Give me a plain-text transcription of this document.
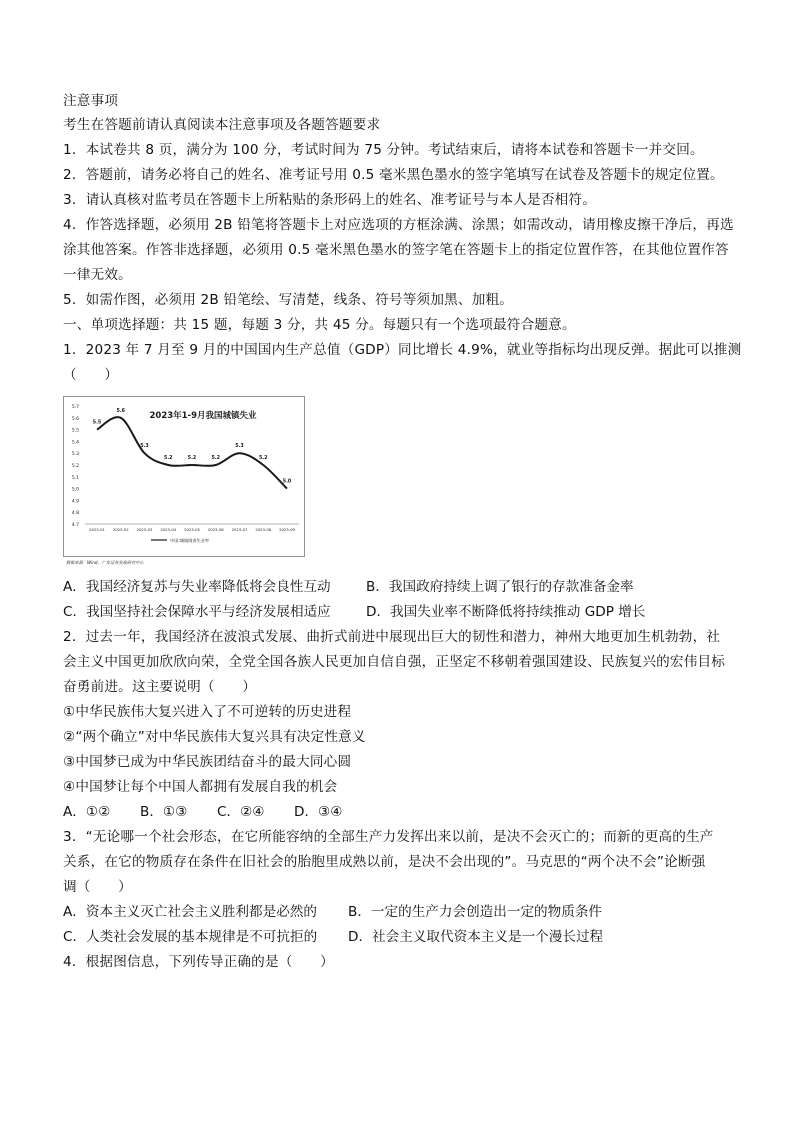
注意事项
考生在答题前请认真阅读本注意事项及各题答题要求
1．本试卷共 8 页，满分为 100 分，考试时间为 75 分钟。考试结束后，请将本试卷和答题卡一并交回。
2．答题前，请务必将自己的姓名、准考证号用 0.5 毫米黑色墨水的签字笔填写在试卷及答题卡的规定位置。
3．请认真核对监考员在答题卡上所粘贴的条形码上的姓名、准考证号与本人是否相符。
4．作答选择题，必须用 2B 铅笔将答题卡上对应选项的方框涂满、涂黑；如需改动，请用橡皮擦干净后，再选
涂其他答案。作答非选择题，必须用 0.5 毫米黑色墨水的签字笔在答题卡上的指定位置作答，在其他位置作答
一律无效。
5．如需作图，必须用 2B 铅笔绘、写清楚，线条、符号等须加黑、加粗。
一、单项选择题：共 15 题，每题 3 分，共 45 分。每题只有一个选项最符合题意。
1．2023 年 7 月至 9 月的中国国内生产总值（GDP）同比增长 4.9%，就业等指标均出现反弹。据此可以推测
（　　）
5.7
5.6
5.5
5.4
5.3
5.2
5.1
5.0
4.9
4.8
4.7
2023年1-9月我国城镇失业
5.5
5.6
5.3
5.2	5.2	5.2
5.3
5.2
5.0
2023-01 2023-02 2023-03 2023-04 2023-05 2023-06 2023-07 2023-08 2023-09
中国:城镇调查失业率
数据来源：Wind，广发证券发展研究中心
A．我国经济复苏与失业率降低将会良性互动	B．我国政府持续上调了银行的存款准备金率
C．我国坚持社会保障水平与经济发展相适应	D．我国失业率不断降低将持续推动 GDP 增长
2．过去一年，我国经济在波浪式发展、曲折式前进中展现出巨大的韧性和潜力，神州大地更加生机勃勃，社
会主义中国更加欣欣向荣，全党全国各族人民更加自信自强，正坚定不移朝着强国建设、民族复兴的宏伟目标
奋勇前进。这主要说明（　　）
①中华民族伟大复兴进入了不可逆转的历史进程
②“两个确立”对中华民族伟大复兴具有决定性意义
③中国梦已成为中华民族团结奋斗的最大同心圆
④中国梦让每个中国人都拥有发展自我的机会
A．①② B．①③ C．②④ D．③④
3．“无论哪一个社会形态，在它所能容纳的全部生产力发挥出来以前，是决不会灭亡的；而新的更高的生产
关系，在它的物质存在条件在旧社会的胎胞里成熟以前，是决不会出现的”。马克思的“两个决不会”论断强
调（　　）
A．资本主义灭亡社会主义胜利都是必然的 B．一定的生产力会创造出一定的物质条件
C．人类社会发展的基本规律是不可抗拒的 D．社会主义取代资本主义是一个漫长过程
4．根据图信息，下列传导正确的是（　　）
